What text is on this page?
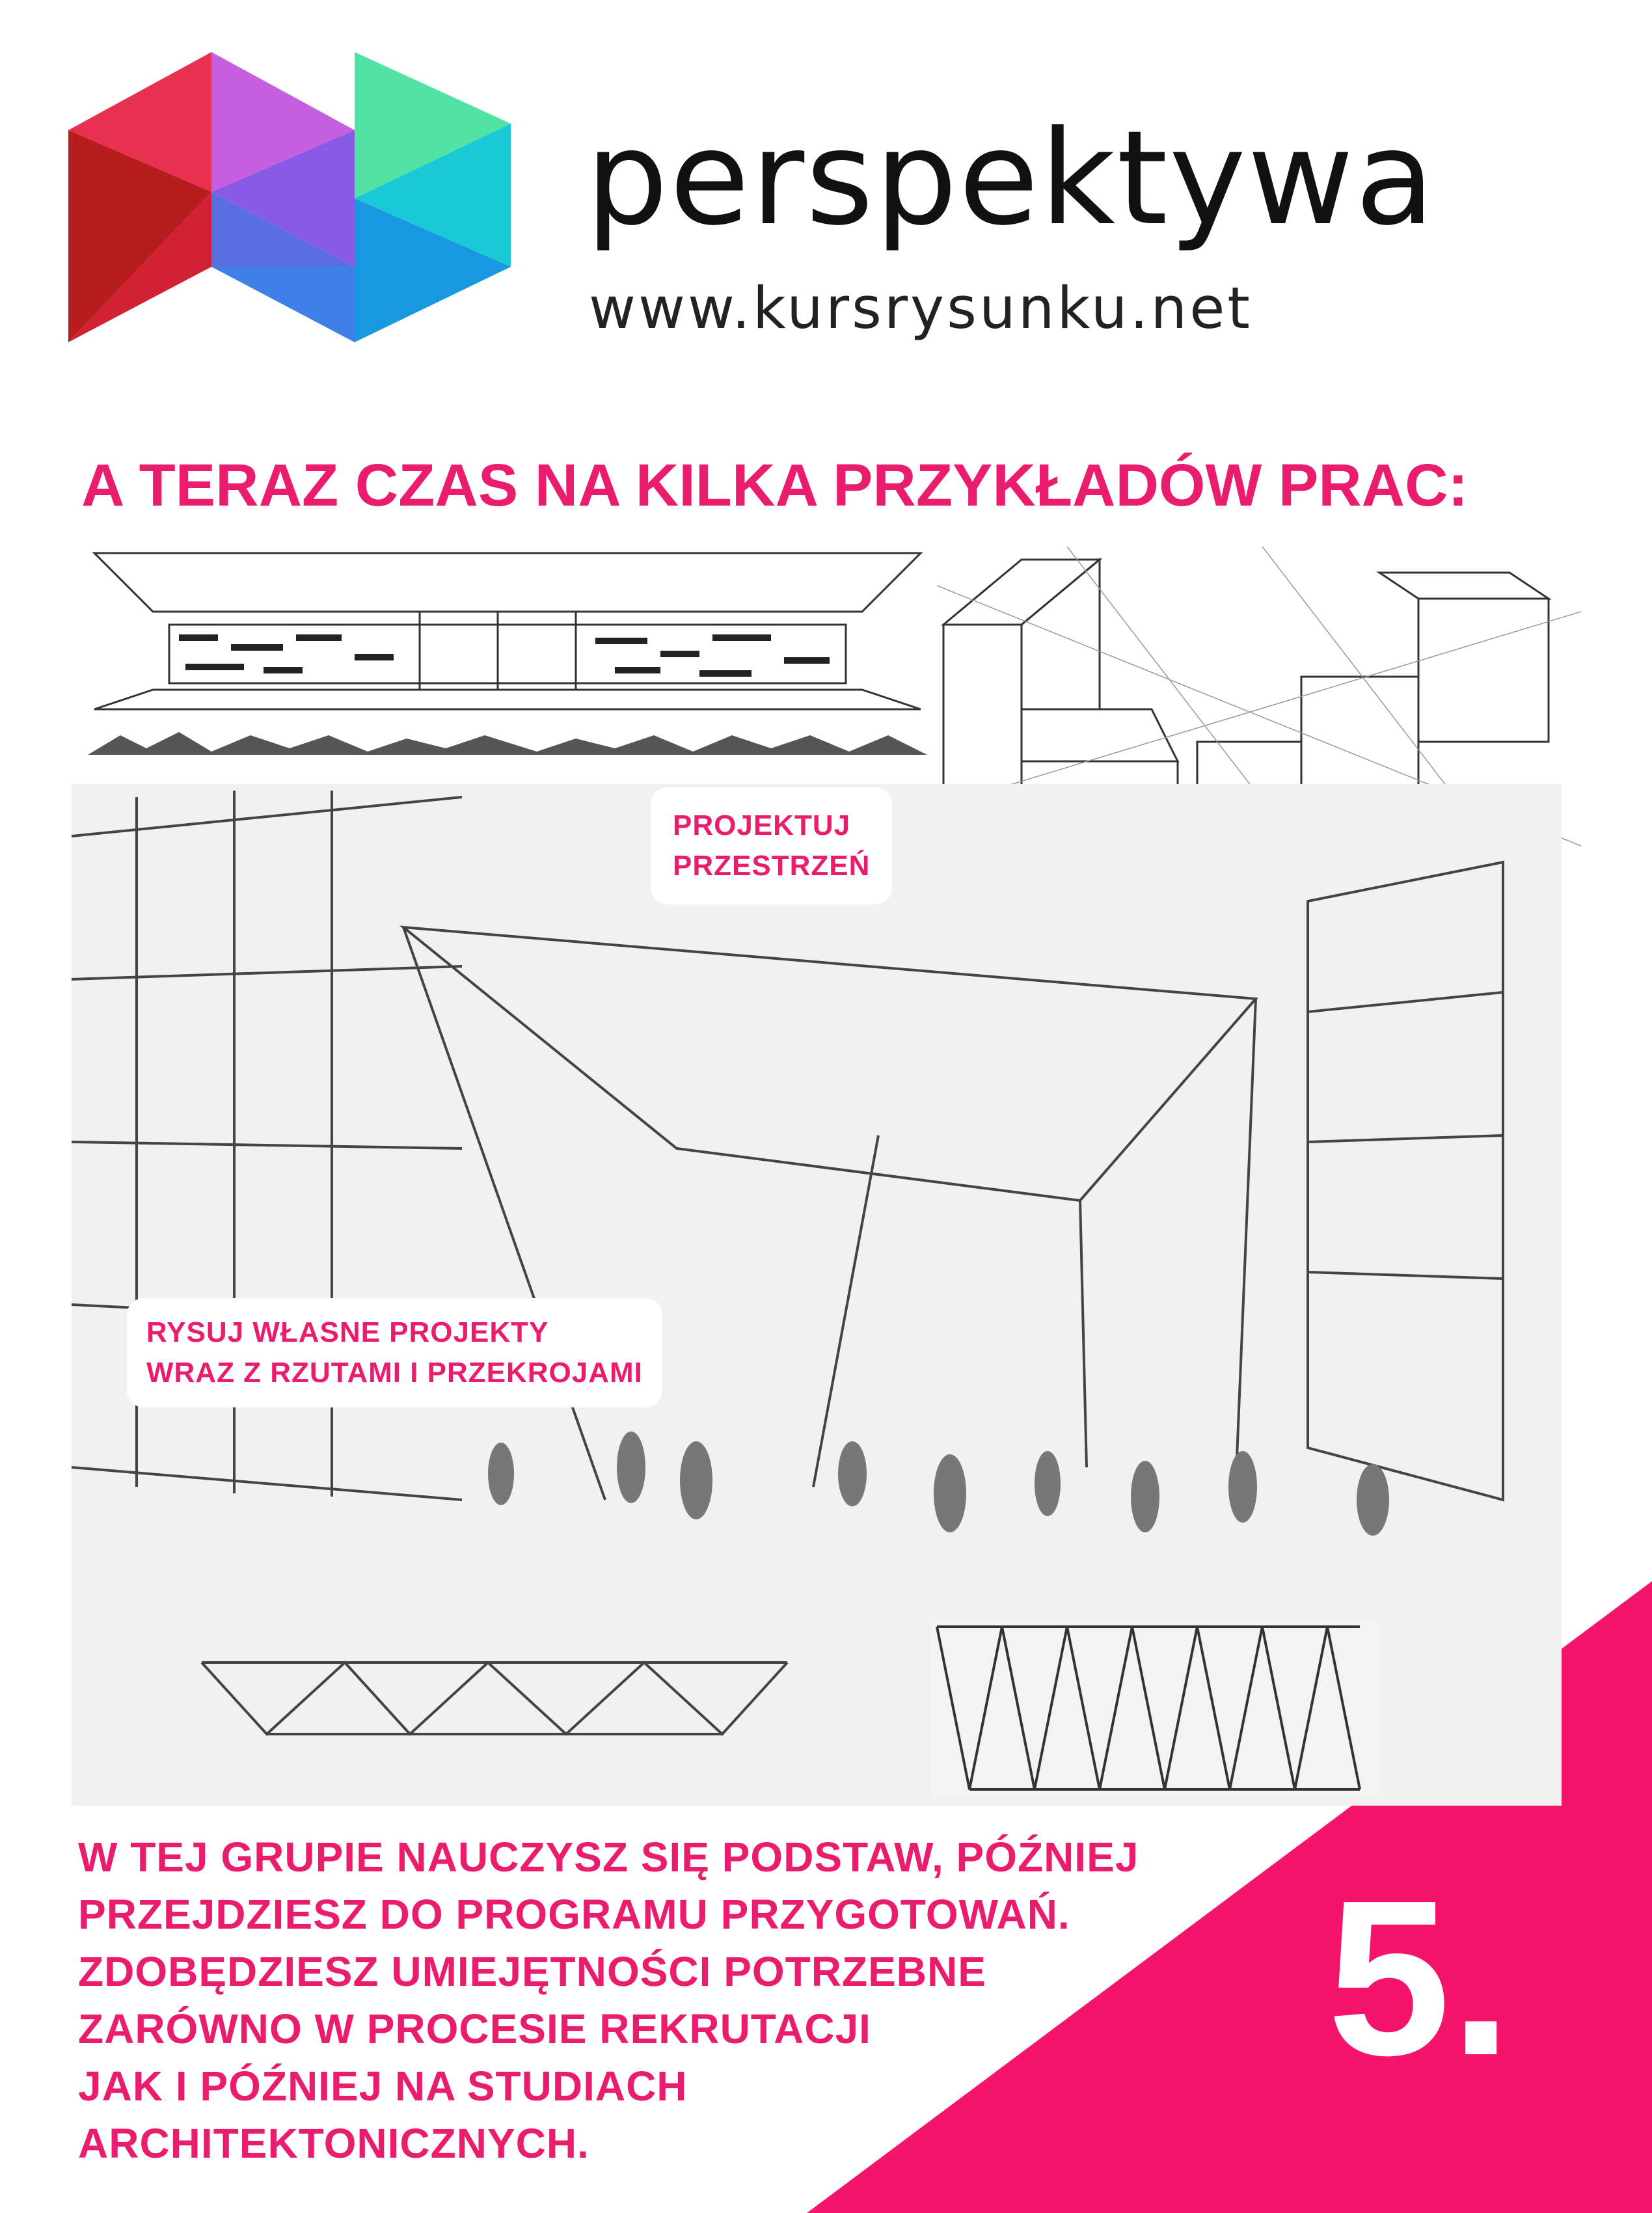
perspektywa
www.kursrysunku.net
A TERAZ CZAS NA KILKA PRZYKŁADÓW PRAC:
PROJEKTUJ
PRZESTRZEŃ
RYSUJ WŁASNE PROJEKTY
WRAZ Z RZUTAMI I PRZEKROJAMI
W TEJ GRUPIE NAUCZYSZ SIĘ PODSTAW, PÓŹNIEJ
PRZEJDZIESZ DO PROGRAMU PRZYGOTOWAŃ.
ZDOBĘDZIESZ UMIEJĘTNOŚCI POTRZEBNE
ZARÓWNO W PROCESIE REKRUTACJI
JAK I PÓŹNIEJ NA STUDIACH
ARCHITEKTONICZNYCH.
5.
